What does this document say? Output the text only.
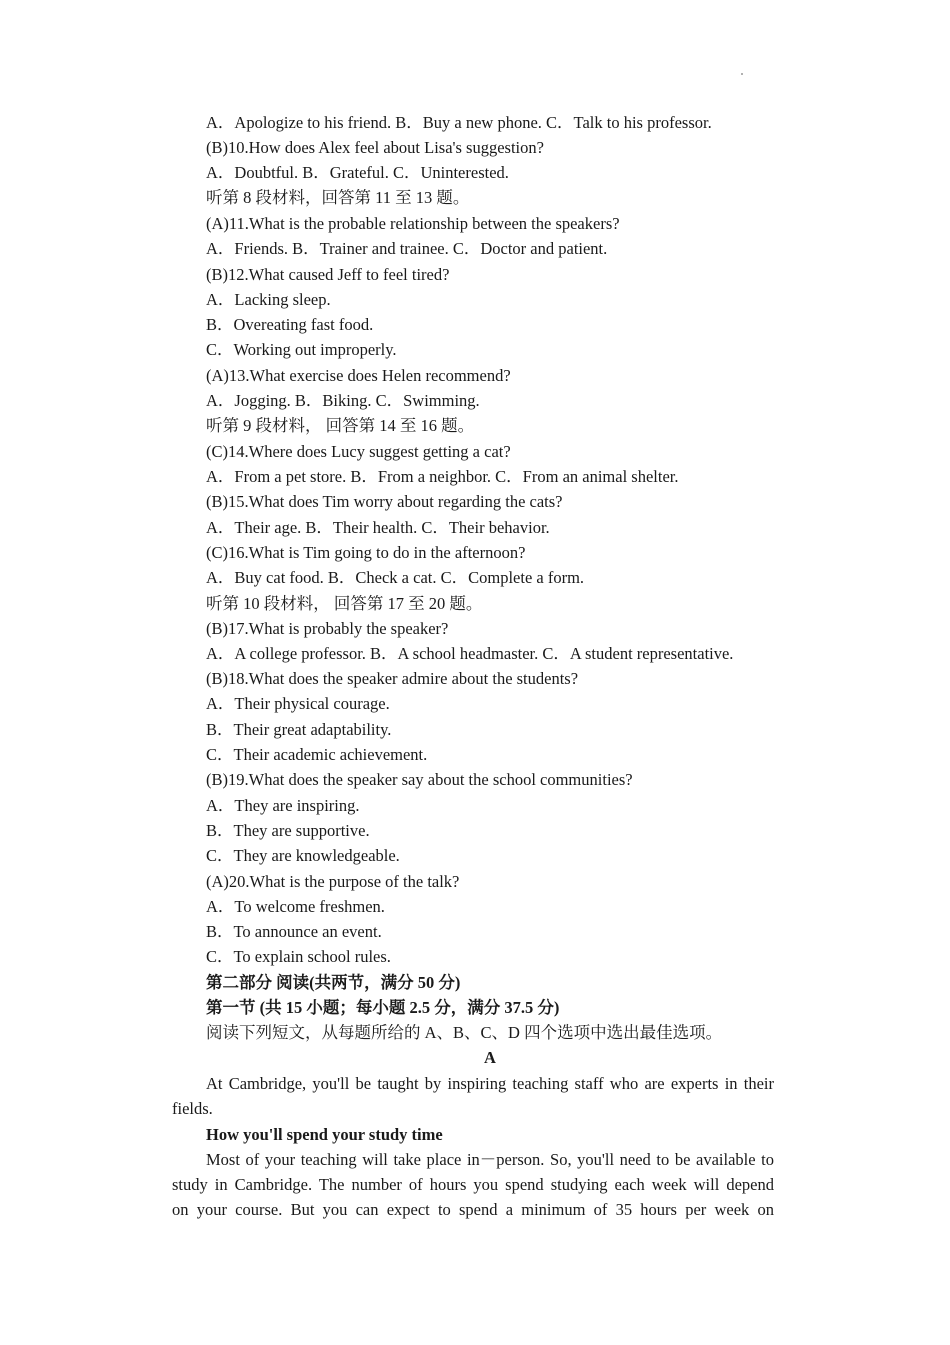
A．Apologize to his friend. B．Buy a new phone. C．Talk to his professor.
(B)10.How does Alex feel about Lisa's suggestion?
A．Doubtful. B．Grateful. C．Uninterested.
听第 8 段材料，回答第 11 至 13 题。
(A)11.What is the probable relationship between the speakers?
A．Friends. B．Trainer and trainee. C．Doctor and patient.
(B)12.What caused Jeff to feel tired?
A．Lacking sleep.
B．Overeating fast food.
C．Working out improperly.
(A)13.What exercise does Helen recommend?
A．Jogging. B．Biking. C．Swimming.
听第 9 段材料， 回答第 14 至 16 题。
(C)14.Where does Lucy suggest getting a cat?
A．From a pet store. B．From a neighbor. C．From an animal shelter.
(B)15.What does Tim worry about regarding the cats?
A．Their age. B．Their health. C．Their behavior.
(C)16.What is Tim going to do in the afternoon?
A．Buy cat food. B．Check a cat. C．Complete a form.
听第 10 段材料， 回答第 17 至 20 题。
(B)17.What is probably the speaker?
A．A college professor. B．A school headmaster. C．A student representative.
(B)18.What does the speaker admire about the students?
A．Their physical courage.
B．Their great adaptability.
C．Their academic achievement.
(B)19.What does the speaker say about the school communities?
A．They are inspiring.
B．They are supportive.
C．They are knowledgeable.
(A)20.What is the purpose of the talk?
A．To welcome freshmen.
B．To announce an event.
C．To explain school rules.
第二部分 阅读(共两节，满分 50 分)
第一节 (共 15 小题；每小题 2.5 分，满分 37.5 分)
阅读下列短文，从每题所给的 A、B、C、D 四个选项中选出最佳选项。
A
At Cambridge, you'll be taught by inspiring teaching staff who are experts in their
fields.
How you'll spend your study time
Most of your teaching will take place in－person. So, you'll need to be available to
study in Cambridge. The number of hours you spend studying each week will depend
on your course. But you can expect to spend a minimum of 35 hours per week on
